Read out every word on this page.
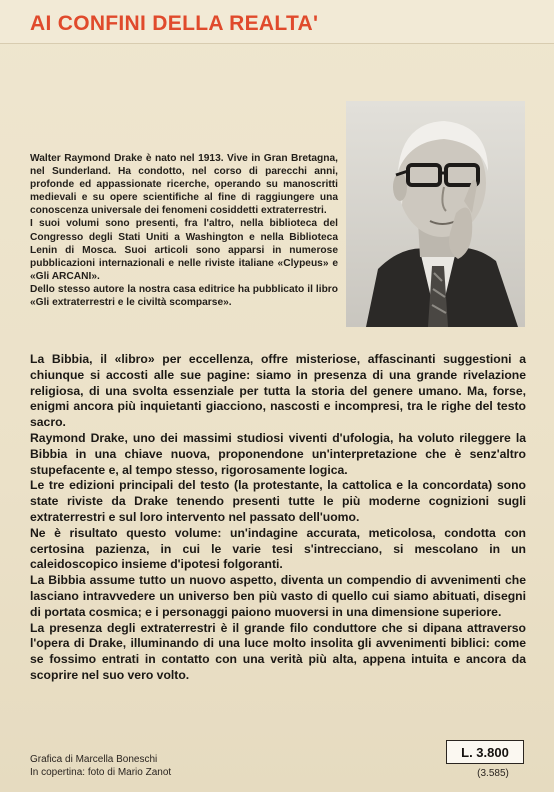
AI CONFINI DELLA REALTA'

Walter Raymond Drake è nato nel 1913. Vive in Gran Bretagna, nel Sunderland. Ha condotto, nel corso di parecchi anni, profonde ed appassionate ricerche, operando su manoscritti medievali e su opere scientifiche al fine di raggiungere una conoscenza universale dei fenomeni cosiddetti extraterrestri.

I suoi volumi sono presenti, fra l'altro, nella biblioteca del Congresso degli Stati Uniti a Washington e nella Biblioteca Lenin di Mosca. Suoi articoli sono apparsi in numerose pubblicazioni internazionali e nelle riviste italiane «Clypeus» e «Gli ARCANI».

Dello stesso autore la nostra casa editrice ha pubblicato il libro «Gli extraterrestri e le civiltà scomparse».

La Bibbia, il «libro» per eccellenza, offre misteriose, affascinanti suggestioni a chiunque si accosti alle sue pagine: siamo in presenza di una grande rivelazione religiosa, di una svolta essenziale per tutta la storia del genere umano. Ma, forse, enigmi ancora più inquietanti giacciono, nascosti e incompresi, tra le righe del testo sacro.

Raymond Drake, uno dei massimi studiosi viventi d'ufologia, ha voluto rileggere la Bibbia in una chiave nuova, proponendone un'interpretazione che è senz'altro stupefacente e, al tempo stesso, rigorosamente logica.

Le tre edizioni principali del testo (la protestante, la cattolica e la concordata) sono state riviste da Drake tenendo presenti tutte le più moderne cognizioni sugli extraterrestri e sul loro intervento nel passato dell'uomo.

Ne è risultato questo volume: un'indagine accurata, meticolosa, condotta con certosina pazienza, in cui le varie tesi s'intrecciano, si mescolano in un caleidoscopico insieme d'ipotesi folgoranti.

La Bibbia assume tutto un nuovo aspetto, diventa un compendio di avvenimenti che lasciano intravvedere un universo ben più vasto di quello cui siamo abituati, disegni di portata cosmica; e i personaggi paiono muoversi in una dimensione superiore.

La presenza degli extraterrestri è il grande filo conduttore che si dipana attraverso l'opera di Drake, illuminando di una luce molto insolita gli avvenimenti biblici: come se fossimo entrati in contatto con una verità più alta, appena intuita e ancora da scoprire nel suo vero volto.

Grafica di Marcella Boneschi
In copertina: foto di Mario Zanot
L. 3.800
(3.585)
